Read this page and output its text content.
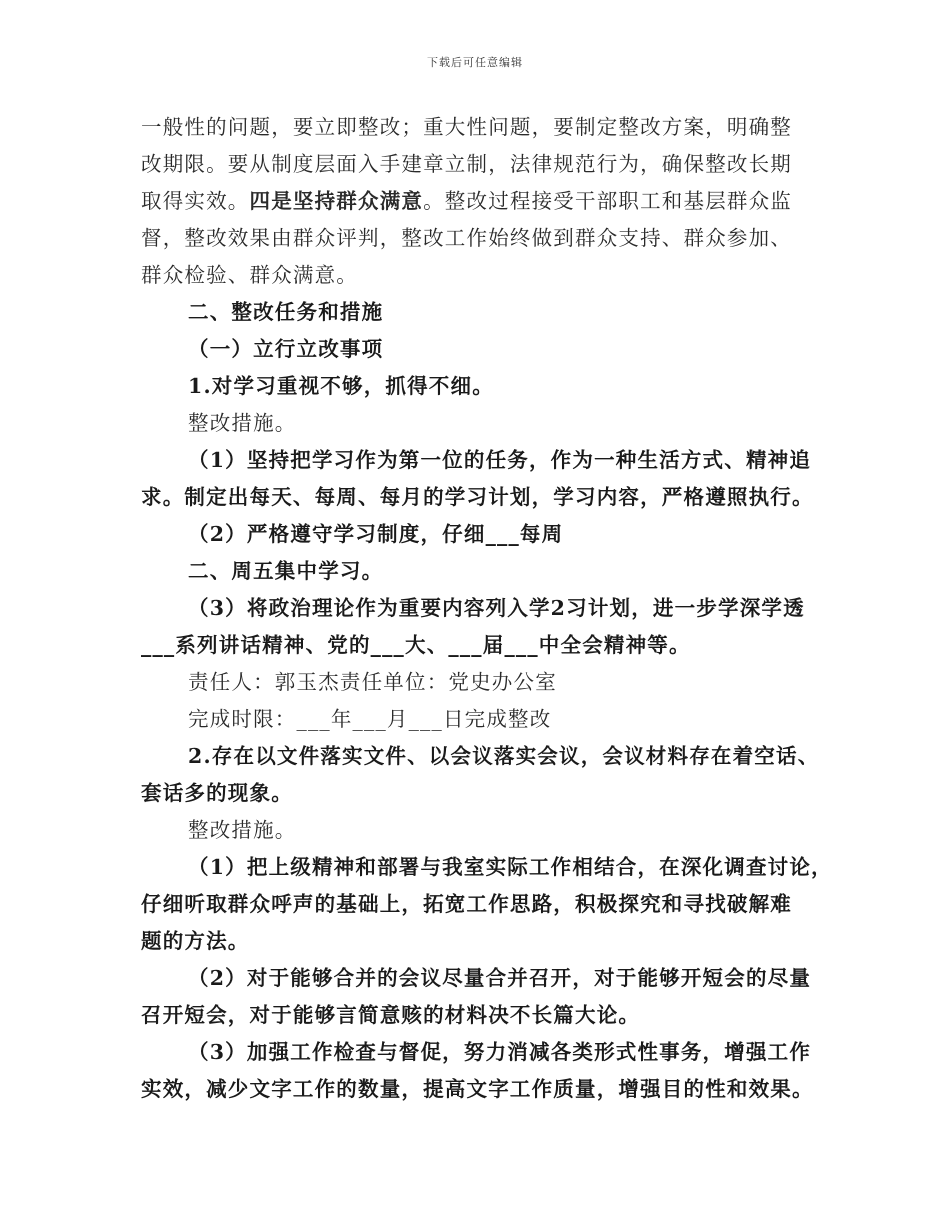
下载后可任意编辑
一般性的问题，要立即整改；重大性问题，要制定整改方案，明确整
改期限。要从制度层面入手建章立制，法律规范行为，确保整改长期
取得实效。四是坚持群众满意。整改过程接受干部职工和基层群众监
督，整改效果由群众评判，整改工作始终做到群众支持、群众参加、
群众检验、群众满意。
二、整改任务和措施
（一）立行立改事项
1.对学习重视不够，抓得不细。
整改措施。
（1）坚持把学习作为第一位的任务，作为一种生活方式、精神追
求。制定出每天、每周、每月的学习计划，学习内容，严格遵照执行。
（2）严格遵守学习制度，仔细___每周
二、周五集中学习。
（3）将政治理论作为重要内容列入学2习计划，进一步学深学透
___系列讲话精神、党的___大、___届___中全会精神等。
责任人：郭玉杰责任单位：党史办公室
完成时限：___年___月___日完成整改
2.存在以文件落实文件、以会议落实会议，会议材料存在着空话、
套话多的现象。
整改措施。
（1）把上级精神和部署与我室实际工作相结合，在深化调查讨论，
仔细听取群众呼声的基础上，拓宽工作思路，积极探究和寻找破解难
题的方法。
（2）对于能够合并的会议尽量合并召开，对于能够开短会的尽量
召开短会，对于能够言简意赅的材料决不长篇大论。
（3）加强工作检查与督促，努力消减各类形式性事务，增强工作
实效，减少文字工作的数量，提高文字工作质量，增强目的性和效果。
